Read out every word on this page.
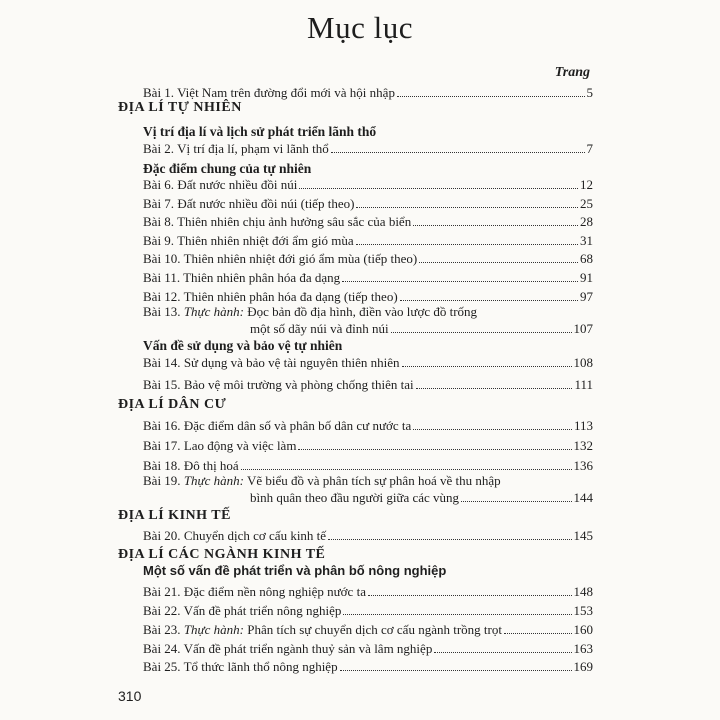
Mục lục
Trang
Bài 1. Việt Nam trên đường đổi mới và hội nhập	5
ĐỊA LÍ TỰ NHIÊN
Vị trí địa lí và lịch sử phát triển lãnh thổ
Bài 2. Vị trí địa lí, phạm vi lãnh thổ	7
Đặc điểm chung của tự nhiên
Bài 6. Đất nước nhiều đồi núi	12
Bài 7. Đất nước nhiều đồi núi (tiếp theo)	25
Bài 8. Thiên nhiên chịu ảnh hưởng sâu sắc của biển	28
Bài 9. Thiên nhiên nhiệt đới ẩm gió mùa	31
Bài 10. Thiên nhiên nhiệt đới gió ẩm mùa (tiếp theo)	68
Bài 11. Thiên nhiên phân hóa đa dạng	91
Bài 12. Thiên nhiên phân hóa đa dạng (tiếp theo)	97
Bài 13. Thực hành: Đọc bản đồ địa hình, điền vào lược đồ trống
một số dãy núi và đỉnh núi	107
Vấn đề sử dụng và bảo vệ tự nhiên
Bài 14. Sử dụng và bảo vệ tài nguyên thiên nhiên	108
Bài 15. Bảo vệ môi trường và phòng chống thiên tai	111
ĐỊA LÍ DÂN CƯ
Bài 16. Đặc điểm dân số và phân bố dân cư nước ta	113
Bài 17. Lao động và việc làm	132
Bài 18. Đô thị hoá	136
Bài 19. Thực hành: Vẽ biểu đồ và phân tích sự phân hoá về thu nhập
bình quân theo đầu người giữa các vùng	144
ĐỊA LÍ KINH TẾ
Bài 20. Chuyển dịch cơ cấu kinh tế	145
ĐỊA LÍ CÁC NGÀNH KINH TẾ
Một số vấn đề phát triển và phân bố nông nghiệp
Bài 21. Đặc điểm nền nông nghiệp nước ta	148
Bài 22. Vấn đề phát triển nông nghiệp	153
Bài 23. Thực hành: Phân tích sự chuyển dịch cơ cấu ngành trồng trọt	160
Bài 24. Vấn đề phát triển ngành thuỷ sản và lâm nghiệp	163
Bài 25. Tổ thức lãnh thổ nông nghiệp	169
310
